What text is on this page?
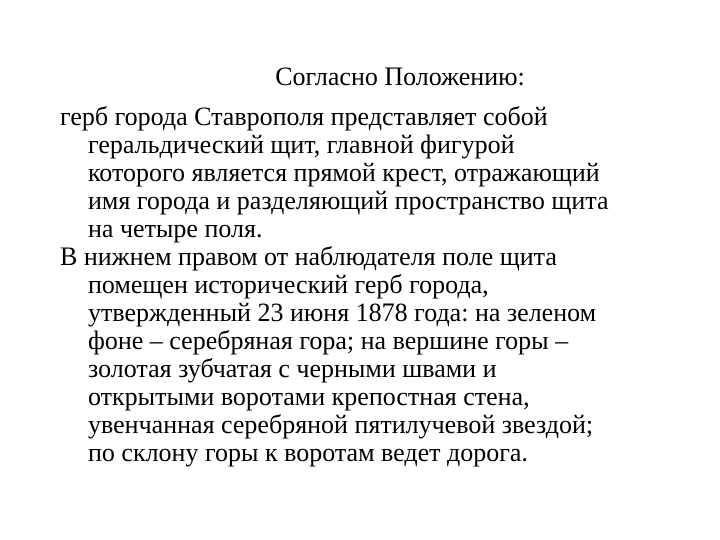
Согласно Положению:

герб города Ставрополя представляет собой
геральдический щит, главной фигурой
которого является прямой крест, отражающий
имя города и разделяющий пространство щита
на четыре поля.

В нижнем правом от наблюдателя поле щита
помещен исторический герб города,
утвержденный 23 июня 1878 года: на зеленом
фоне – серебряная гора; на вершине горы –
золотая зубчатая с черными швами и
открытыми воротами крепостная стена,
увенчанная серебряной пятилучевой звездой;
по склону горы к воротам ведет дорога.
